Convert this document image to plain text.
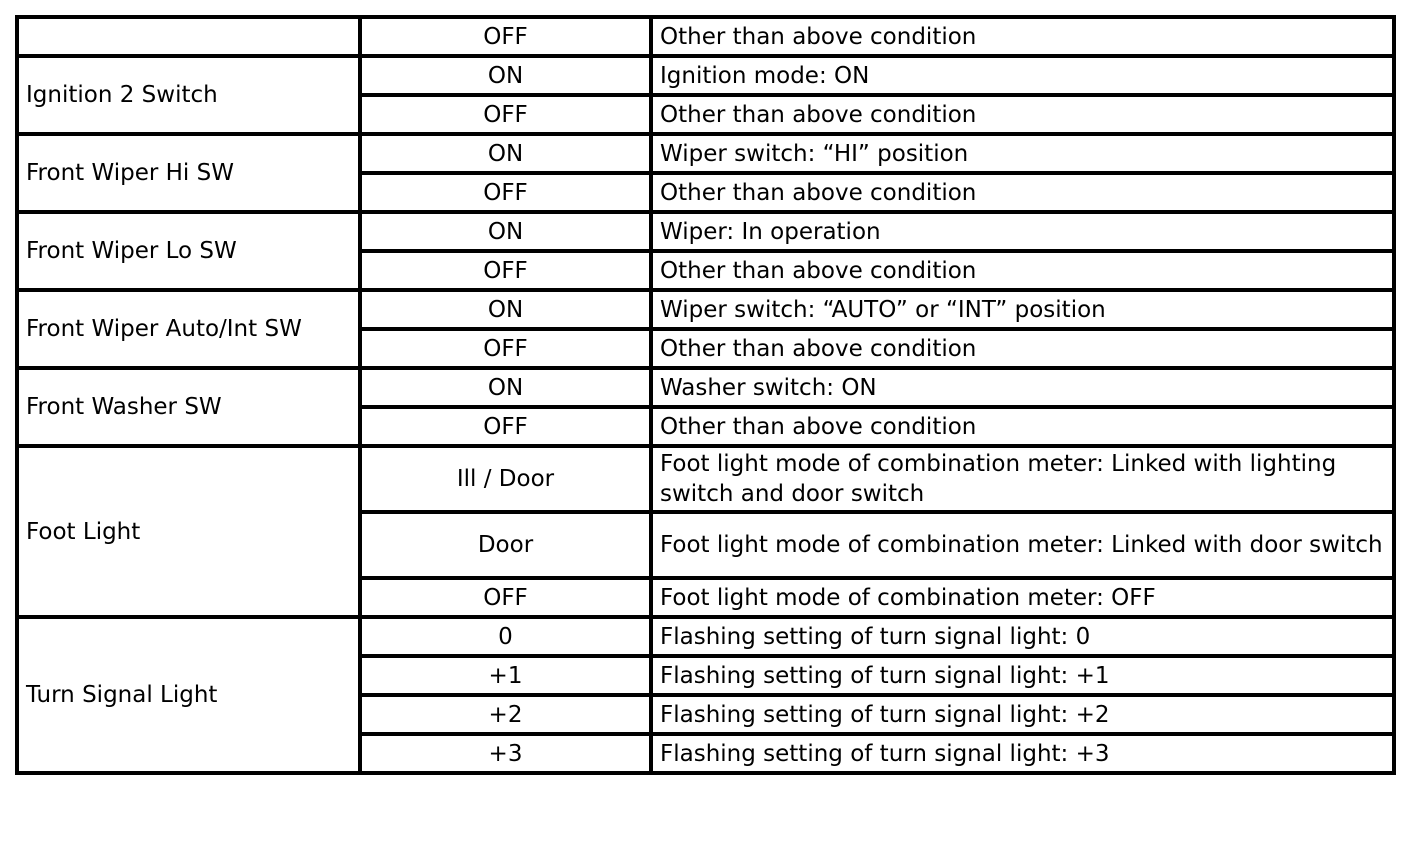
	OFF	Other than above condition
Ignition 2 Switch	ON	Ignition mode: ON
	OFF	Other than above condition
Front Wiper Hi SW	ON	Wiper switch: “HI” position
	OFF	Other than above condition
Front Wiper Lo SW	ON	Wiper: In operation
	OFF	Other than above condition
Front Wiper Auto/Int SW	ON	Wiper switch: “AUTO” or “INT” position
	OFF	Other than above condition
Front Washer SW	ON	Washer switch: ON
	OFF	Other than above condition
Foot Light	Ill / Door	Foot light mode of combination meter: Linked with lighting switch and door switch
	Door	Foot light mode of combination meter: Linked with door switch
	OFF	Foot light mode of combination meter: OFF
Turn Signal Light	0	Flashing setting of turn signal light: 0
	+1	Flashing setting of turn signal light: +1
	+2	Flashing setting of turn signal light: +2
	+3	Flashing setting of turn signal light: +3
